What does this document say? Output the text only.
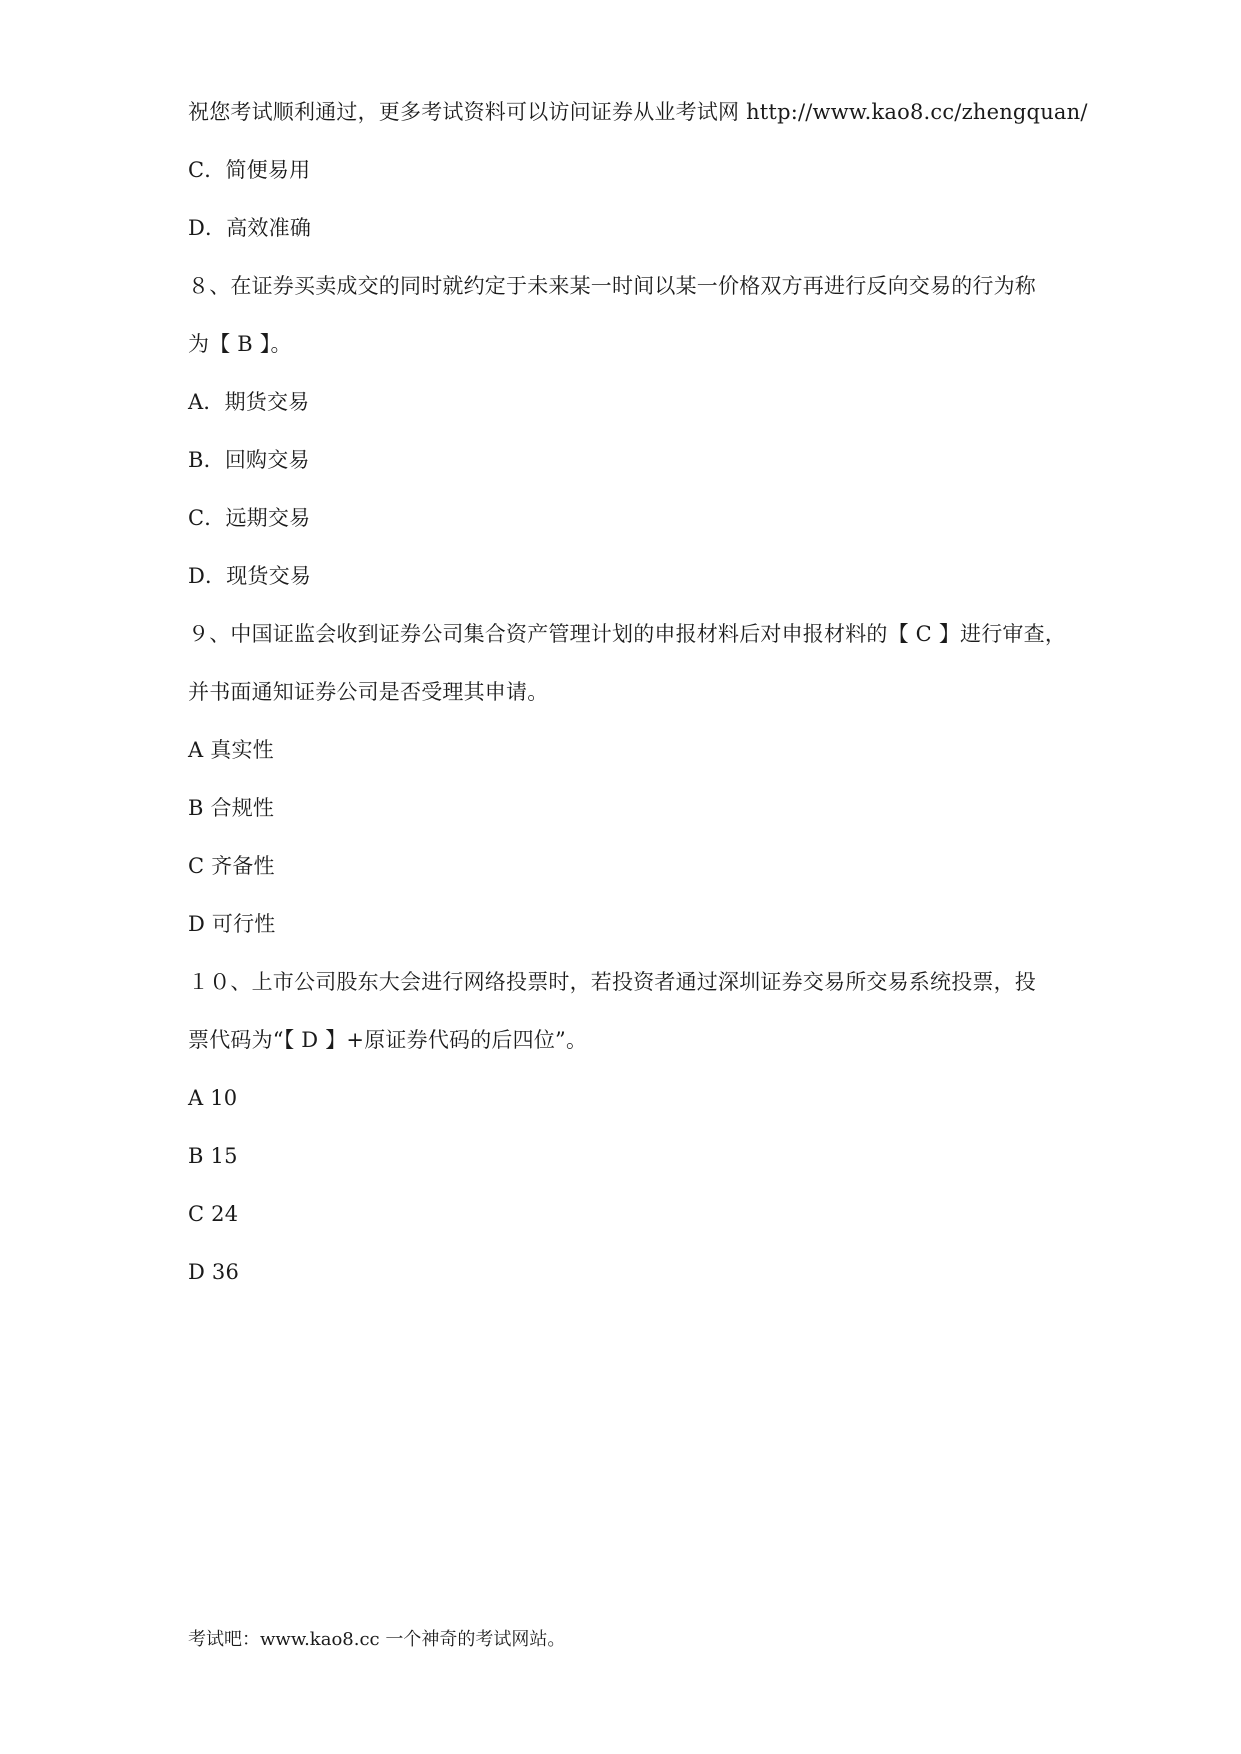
祝您考试顺利通过，更多考试资料可以访问证券从业考试网 http://www.kao8.cc/zhengquan/
C．简便易用
D．高效准确
８、在证券买卖成交的同时就约定于未来某一时间以某一价格双方再进行反向交易的行为称
为【 B 】。
A．期货交易
B．回购交易
C．远期交易
D．现货交易
９、中国证监会收到证券公司集合资产管理计划的申报材料后对申报材料的【 C 】进行审查，
并书面通知证券公司是否受理其申请。
A 真实性
B 合规性
C 齐备性
D 可行性
１０、上市公司股东大会进行网络投票时，若投资者通过深圳证券交易所交易系统投票，投
票代码为“【 D 】+原证券代码的后四位”。
A 10
B 15
C 24
D 36
考试吧：www.kao8.cc 一个神奇的考试网站。
